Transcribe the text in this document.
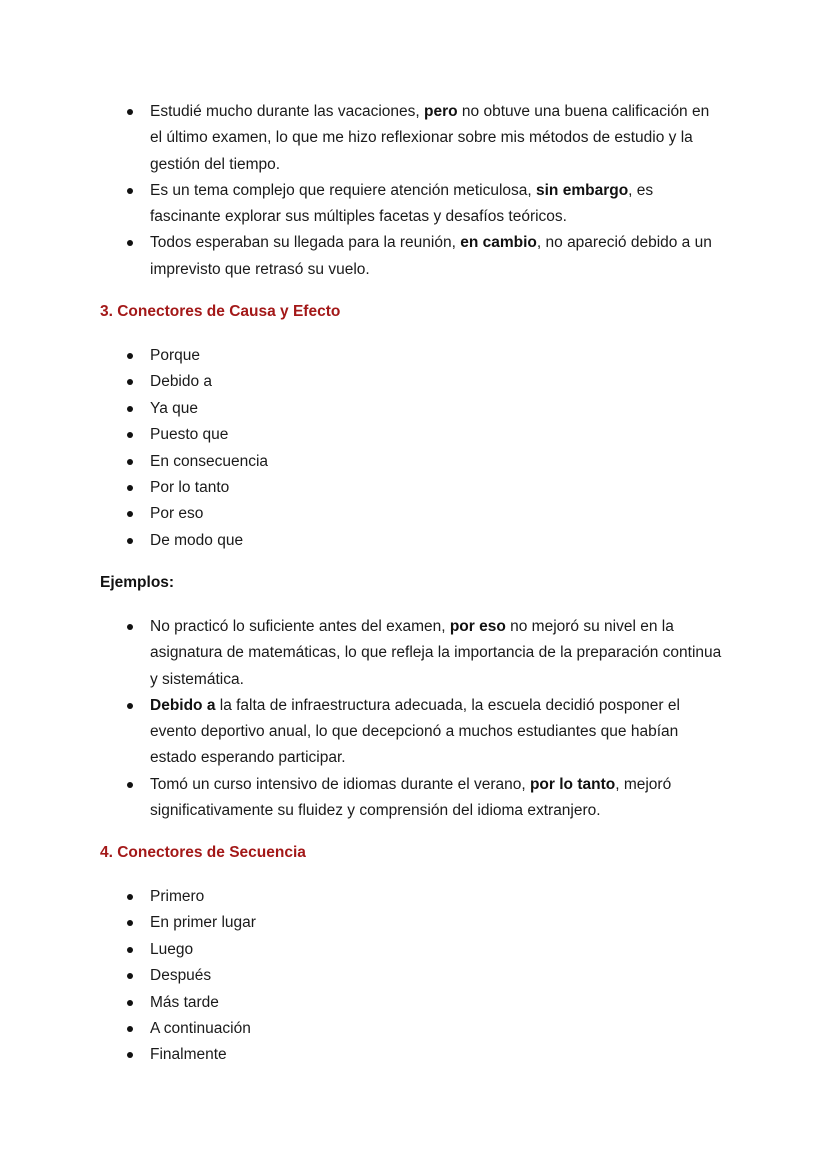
Estudié mucho durante las vacaciones, pero no obtuve una buena calificación en el último examen, lo que me hizo reflexionar sobre mis métodos de estudio y la gestión del tiempo.
Es un tema complejo que requiere atención meticulosa, sin embargo, es fascinante explorar sus múltiples facetas y desafíos teóricos.
Todos esperaban su llegada para la reunión, en cambio, no apareció debido a un imprevisto que retrasó su vuelo.
3. Conectores de Causa y Efecto
Porque
Debido a
Ya que
Puesto que
En consecuencia
Por lo tanto
Por eso
De modo que

Ejemplos:

No practicó lo suficiente antes del examen, por eso no mejoró su nivel en la asignatura de matemáticas, lo que refleja la importancia de la preparación continua y sistemática.
Debido a la falta de infraestructura adecuada, la escuela decidió posponer el evento deportivo anual, lo que decepcionó a muchos estudiantes que habían estado esperando participar.
Tomó un curso intensivo de idiomas durante el verano, por lo tanto, mejoró significativamente su fluidez y comprensión del idioma extranjero.
4. Conectores de Secuencia
Primero
En primer lugar
Luego
Después
Más tarde
A continuación
Finalmente
